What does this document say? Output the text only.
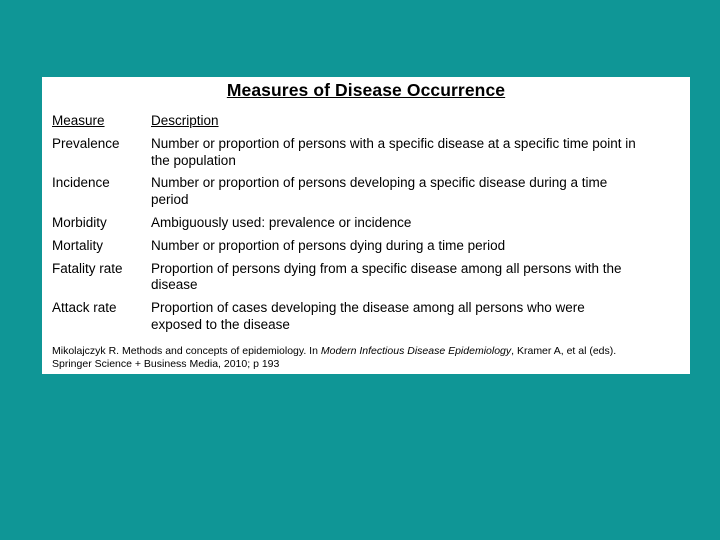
Measures of Disease Occurrence
Measure	Description
Prevalence	Number or proportion of persons with a specific disease at a specific time point in
the population
Incidence	Number or proportion of persons developing a specific disease during a time
period
Morbidity	Ambiguously used: prevalence or incidence
Mortality	Number or proportion of persons dying during a time period
Fatality rate	Proportion of persons dying from a specific disease among all persons with the
disease
Attack rate	Proportion of cases developing the disease among all persons who were
exposed to the disease
Mikolajczyk R. Methods and concepts of epidemiology. In Modern Infectious Disease Epidemiology, Kramer A, et al (eds).
Springer Science + Business Media, 2010; p 193
